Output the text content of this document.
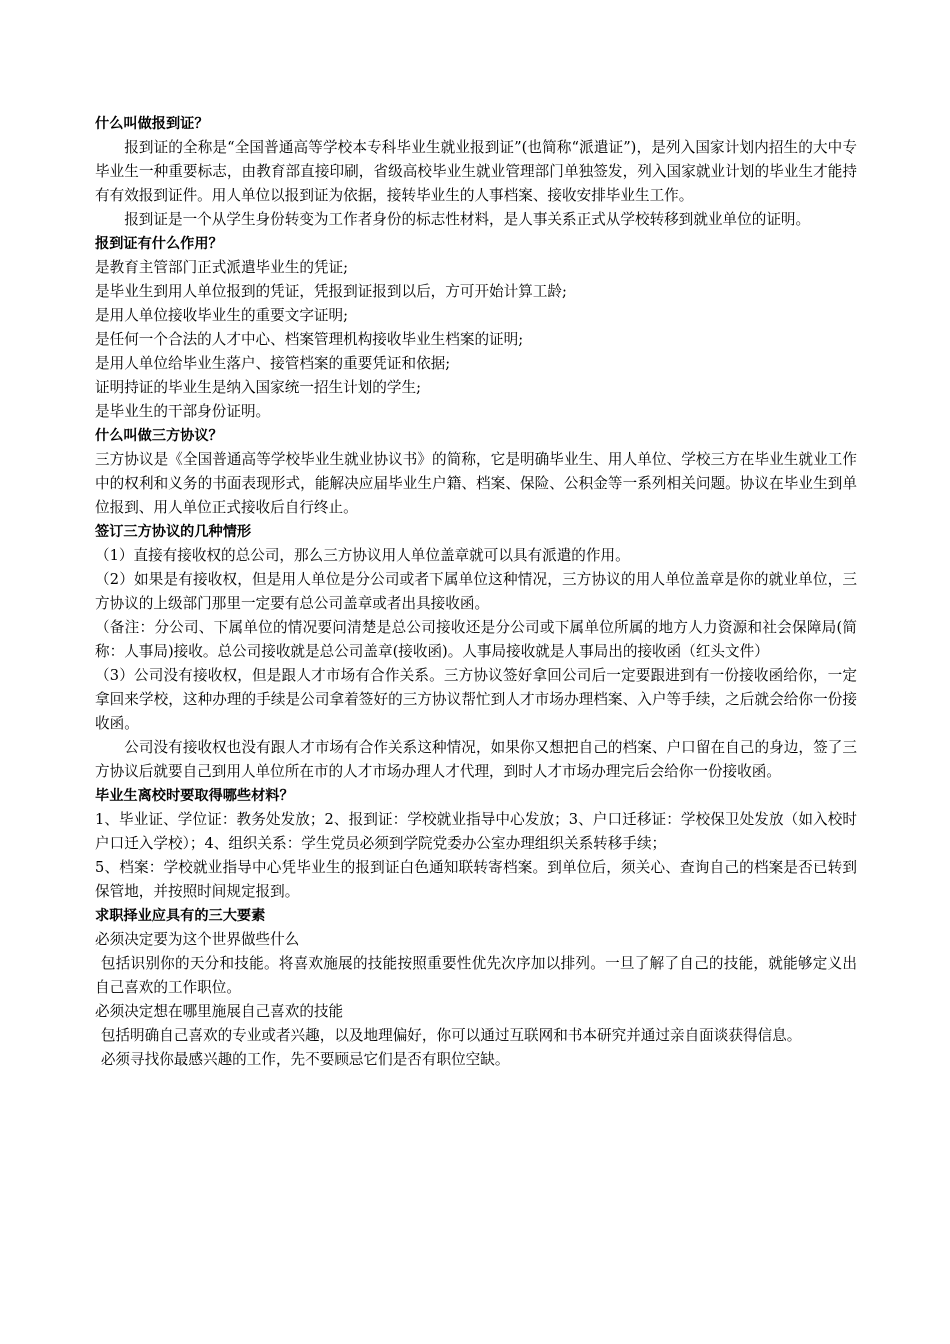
什么叫做报到证？

报到证的全称是“全国普通高等学校本专科毕业生就业报到证”(也简称“派遣证”)，是列入国家计划内招生的大中专毕业生一种重要标志，由教育部直接印刷，省级高校毕业生就业管理部门单独签发，列入国家就业计划的毕业生才能持有有效报到证件。用人单位以报到证为依据，接转毕业生的人事档案、接收安排毕业生工作。

报到证是一个从学生身份转变为工作者身份的标志性材料，是人事关系正式从学校转移到就业单位的证明。

报到证有什么作用？

是教育主管部门正式派遣毕业生的凭证;

是毕业生到用人单位报到的凭证，凭报到证报到以后，方可开始计算工龄;

是用人单位接收毕业生的重要文字证明;

是任何一个合法的人才中心、档案管理机构接收毕业生档案的证明;

是用人单位给毕业生落户、接管档案的重要凭证和依据;

证明持证的毕业生是纳入国家统一招生计划的学生;

是毕业生的干部身份证明。

什么叫做三方协议？

三方协议是《全国普通高等学校毕业生就业协议书》的简称，它是明确毕业生、用人单位、学校三方在毕业生就业工作中的权利和义务的书面表现形式，能解决应届毕业生户籍、档案、保险、公积金等一系列相关问题。协议在毕业生到单位报到、用人单位正式接收后自行终止。

签订三方协议的几种情形

（1）直接有接收权的总公司，那么三方协议用人单位盖章就可以具有派遣的作用。

（2）如果是有接收权，但是用人单位是分公司或者下属单位这种情况，三方协议的用人单位盖章是你的就业单位，三方协议的上级部门那里一定要有总公司盖章或者出具接收函。

（备注：分公司、下属单位的情况要问清楚是总公司接收还是分公司或下属单位所属的地方人力资源和社会保障局(简称：人事局)接收。总公司接收就是总公司盖章(接收函)。人事局接收就是人事局出的接收函（红头文件）

（3）公司没有接收权，但是跟人才市场有合作关系。三方协议签好拿回公司后一定要跟进到有一份接收函给你，一定拿回来学校，这种办理的手续是公司拿着签好的三方协议帮忙到人才市场办理档案、入户等手续，之后就会给你一份接收函。

公司没有接收权也没有跟人才市场有合作关系这种情况，如果你又想把自己的档案、户口留在自己的身边，签了三方协议后就要自己到用人单位所在市的人才市场办理人才代理，到时人才市场办理完后会给你一份接收函。

毕业生离校时要取得哪些材料？

1、毕业证、学位证：教务处发放；2、报到证：学校就业指导中心发放；3、户口迁移证：学校保卫处发放（如入校时户口迁入学校）；4、组织关系：学生党员必须到学院党委办公室办理组织关系转移手续；

5、档案：学校就业指导中心凭毕业生的报到证白色通知联转寄档案。到单位后，须关心、查询自己的档案是否已转到保管地，并按照时间规定报到。

求职择业应具有的三大要素

必须决定要为这个世界做些什么

包括识别你的天分和技能。将喜欢施展的技能按照重要性优先次序加以排列。一旦了解了自己的技能，就能够定义出自己喜欢的工作职位。

必须决定想在哪里施展自己喜欢的技能

包括明确自己喜欢的专业或者兴趣，以及地理偏好，你可以通过互联网和书本研究并通过亲自面谈获得信息。

必须寻找你最感兴趣的工作，先不要顾忌它们是否有职位空缺。
